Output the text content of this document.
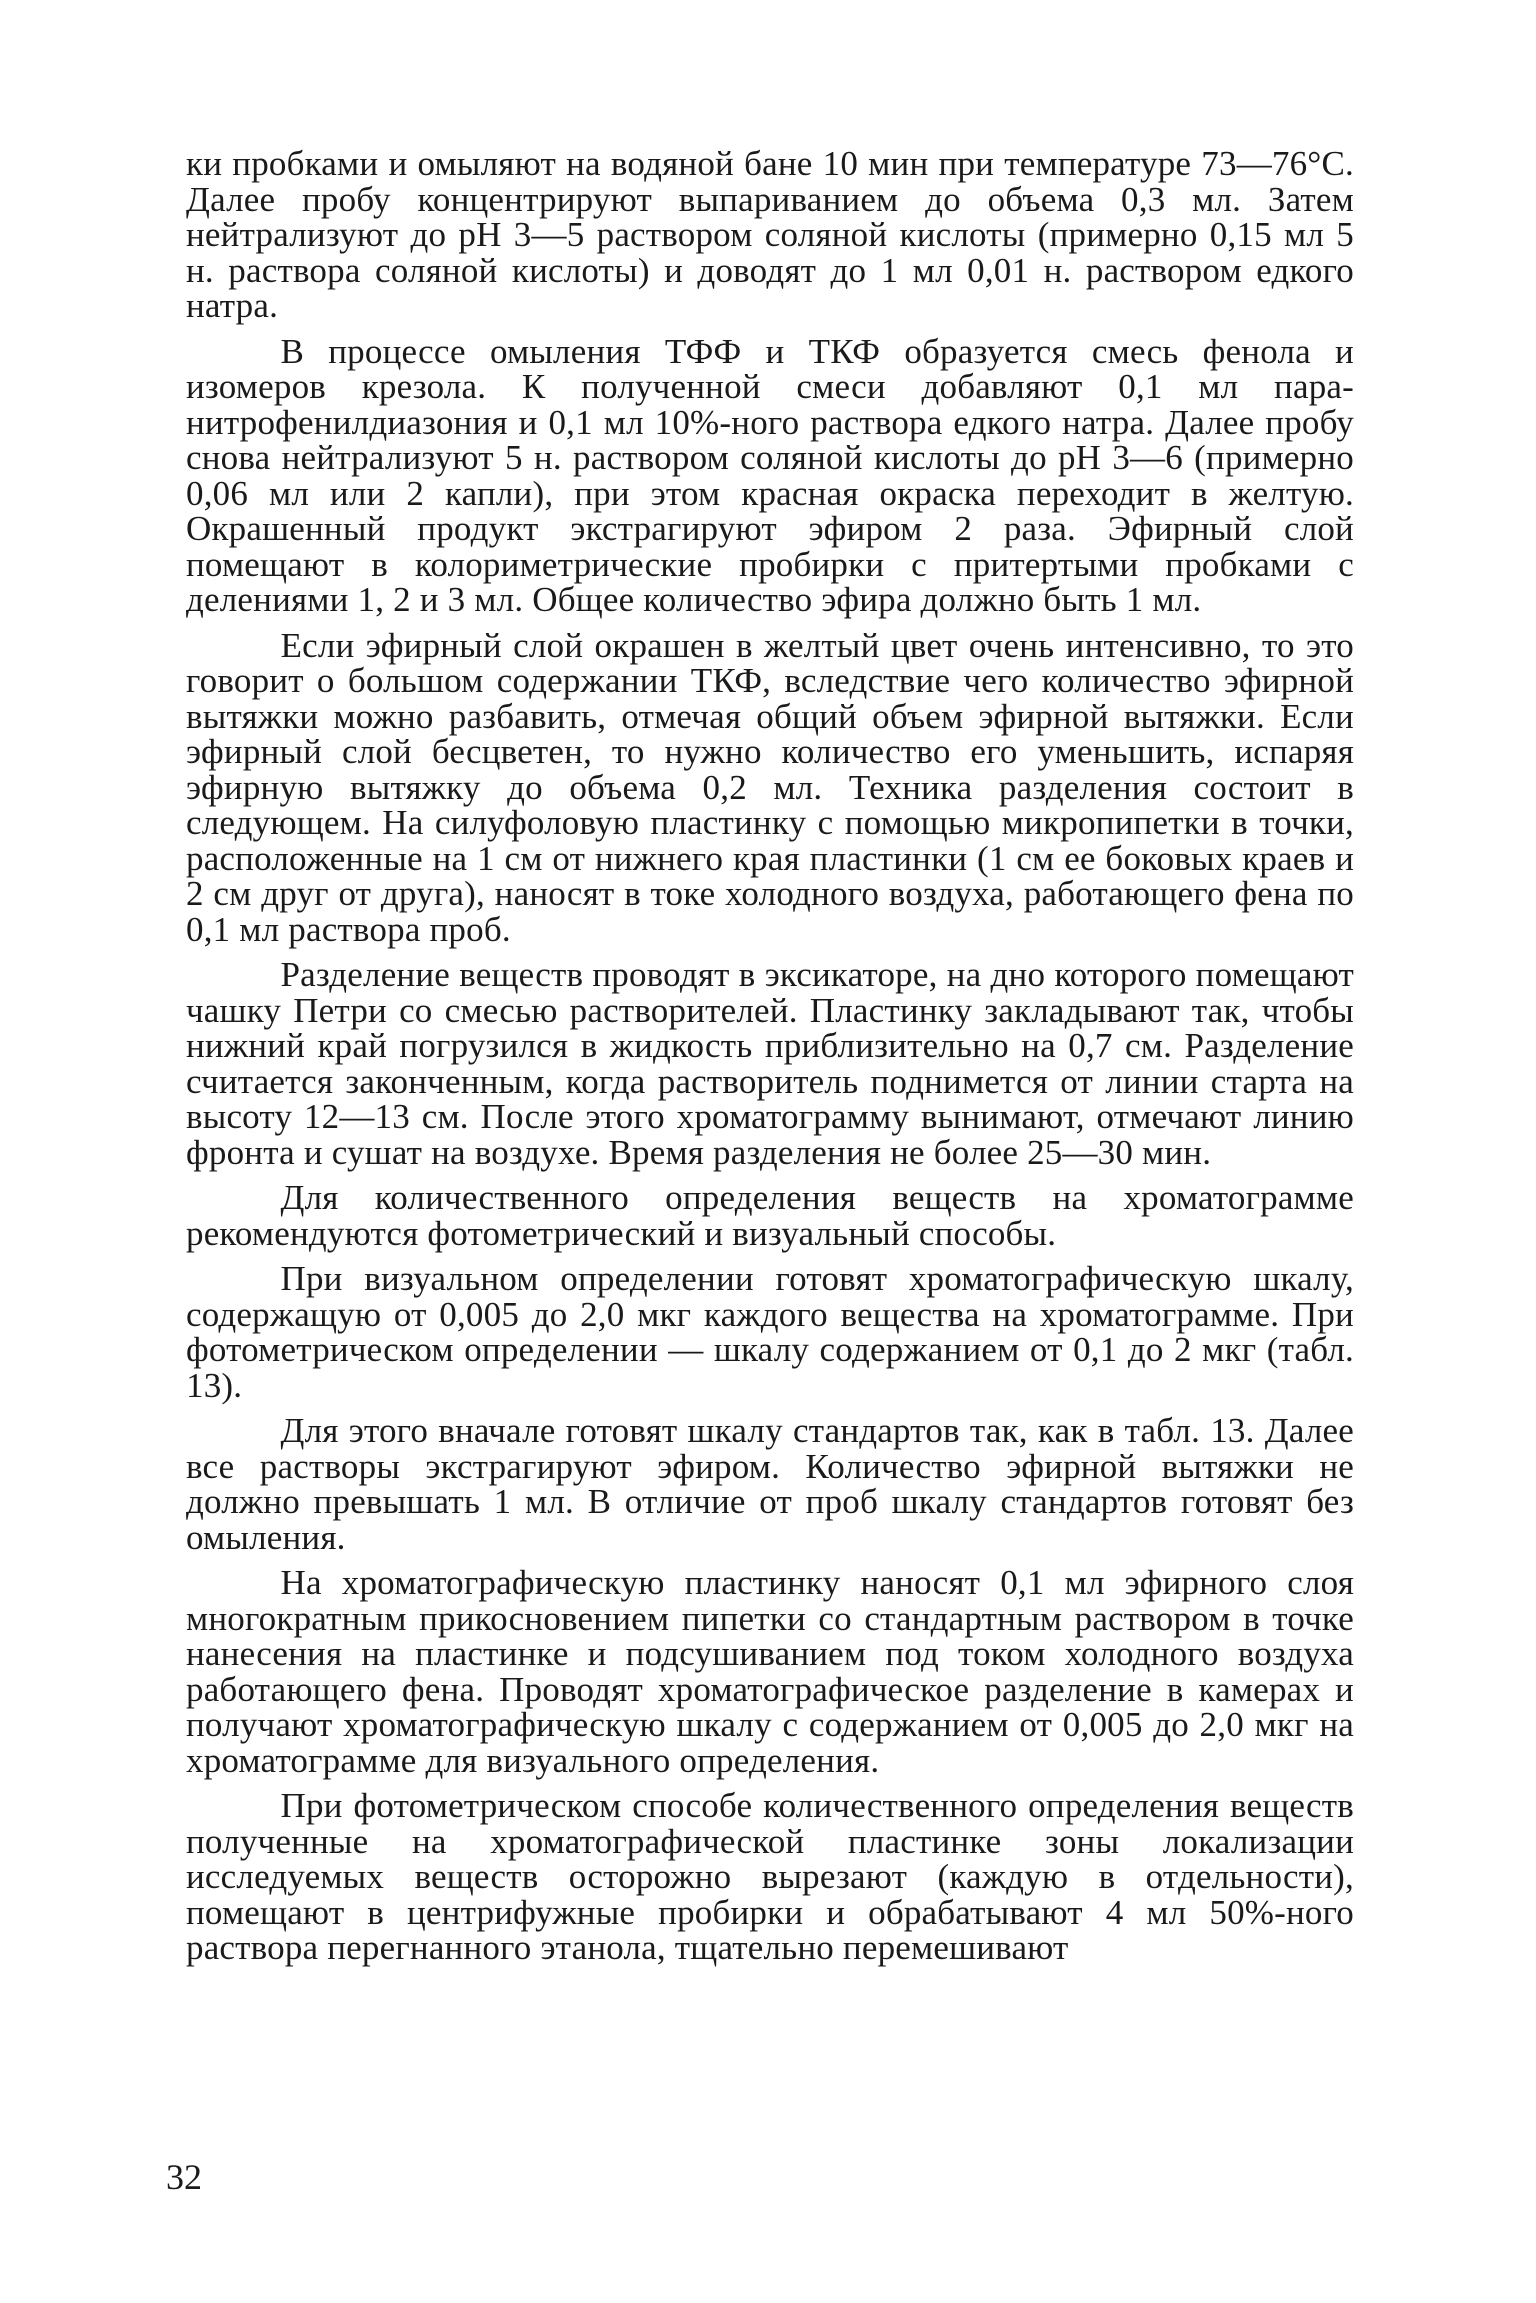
ки пробками и омыляют на водяной бане 10 мин при температуре 73—76°С. Далее пробу концентрируют выпариванием до объема 0,3 мл. Затем нейтрализуют до рН 3—5 раствором соляной кислоты (примерно 0,15 мл 5 н. раствора соляной кислоты) и доводят до 1 мл 0,01 н. раствором едкого натра.

В процессе омыления ТФФ и ТКФ образуется смесь фенола и изомеров крезола. К полученной смеси добавляют 0,1 мл пара-нитрофенилдиазония и 0,1 мл 10%-ного раствора едкого натра. Далее пробу снова нейтрализуют 5 н. раствором соляной кислоты до рН 3—6 (примерно 0,06 мл или 2 капли), при этом красная окраска переходит в желтую. Окрашенный продукт экстрагируют эфиром 2 раза. Эфирный слой помещают в колориметрические пробирки с притертыми пробками с делениями 1, 2 и 3 мл. Общее количество эфира должно быть 1 мл.

Если эфирный слой окрашен в желтый цвет очень интенсивно, то это говорит о большом содержании ТКФ, вследствие чего количество эфирной вытяжки можно разбавить, отмечая общий объем эфирной вытяжки. Если эфирный слой бесцветен, то нужно количество его уменьшить, испаряя эфирную вытяжку до объема 0,2 мл. Техника разделения состоит в следующем. На силуфоловую пластинку с помощью микропипетки в точки, расположенные на 1 см от нижнего края пластинки (1 см ее боковых краев и 2 см друг от друга), наносят в токе холодного воздуха, работающего фена по 0,1 мл раствора проб.

Разделение веществ проводят в эксикаторе, на дно которого помещают чашку Петри со смесью растворителей. Пластинку закладывают так, чтобы нижний край погрузился в жидкость приблизительно на 0,7 см. Разделение считается законченным, когда растворитель поднимется от линии старта на высоту 12—13 см. После этого хроматограмму вынимают, отмечают линию фронта и сушат на воздухе. Время разделения не более 25—30 мин.

Для количественного определения веществ на хроматограмме рекомендуются фотометрический и визуальный способы.

При визуальном определении готовят хроматографическую шкалу, содержащую от 0,005 до 2,0 мкг каждого вещества на хроматограмме. При фотометрическом определении — шкалу содержанием от 0,1 до 2 мкг (табл. 13).

Для этого вначале готовят шкалу стандартов так, как в табл. 13. Далее все растворы экстрагируют эфиром. Количество эфирной вытяжки не должно превышать 1 мл. В отличие от проб шкалу стандартов готовят без омыления.

На хроматографическую пластинку наносят 0,1 мл эфирного слоя многократным прикосновением пипетки со стандартным раствором в точке нанесения на пластинке и подсушиванием под током холодного воздуха работающего фена. Проводят хроматографическое разделение в камерах и получают хроматографическую шкалу с содержанием от 0,005 до 2,0 мкг на хроматограмме для визуального определения.

При фотометрическом способе количественного определения веществ полученные на хроматографической пластинке зоны локализации исследуемых веществ осторожно вырезают (каждую в отдельности), помещают в центрифужные пробирки и обрабатывают 4 мл 50%-ного раствора перегнанного этанола, тщательно перемешивают

32
